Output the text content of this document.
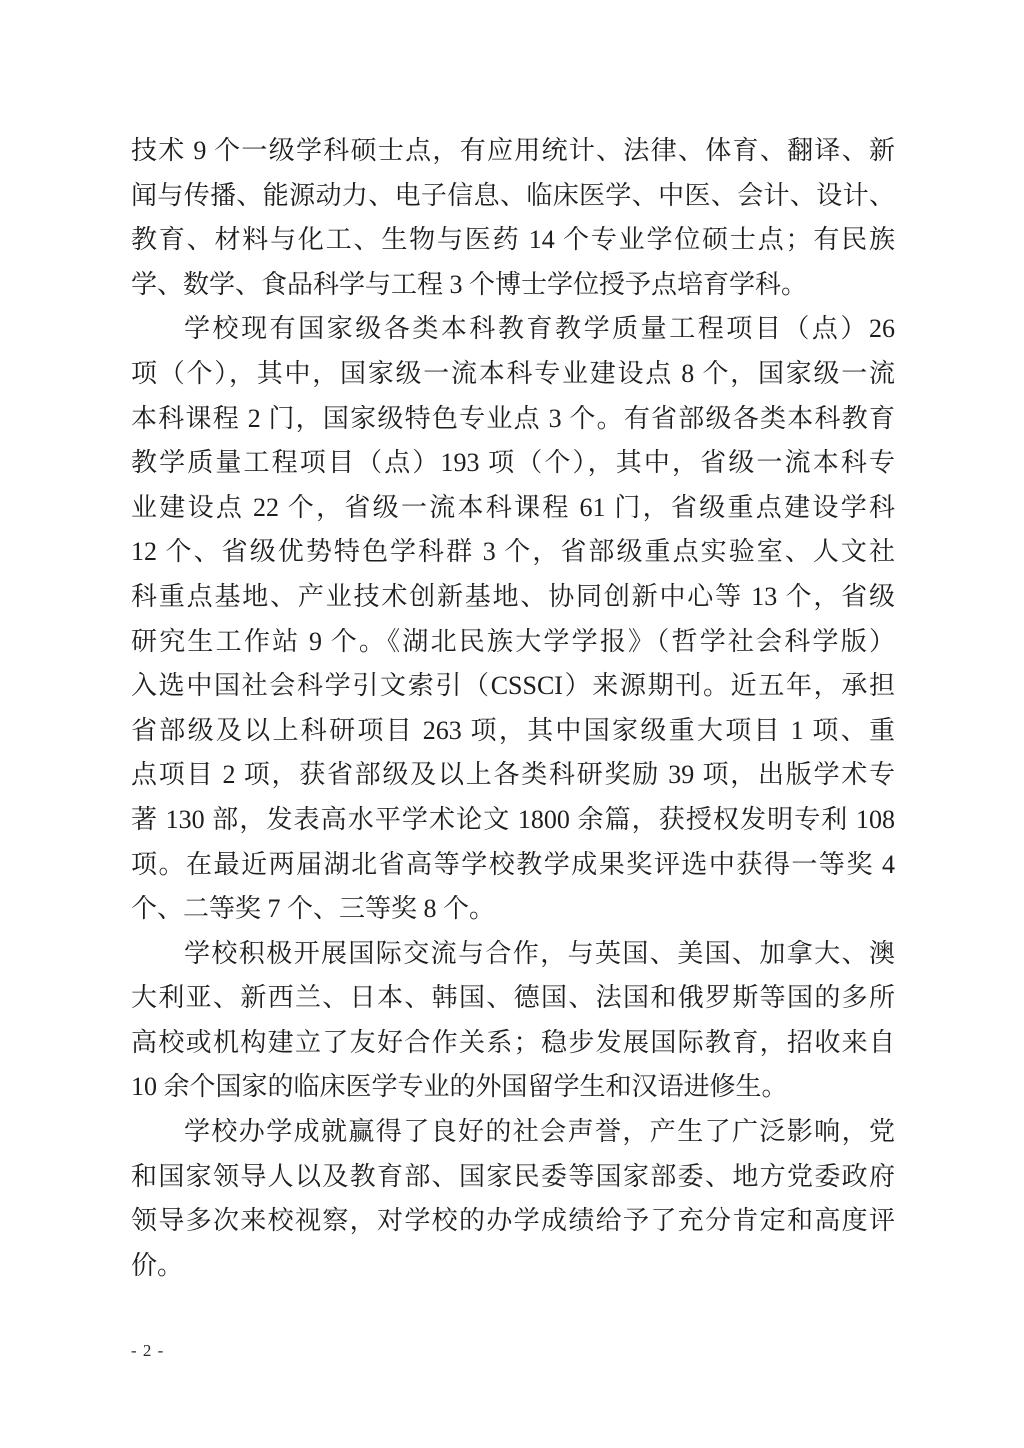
技术 9 个一级学科硕士点，有应用统计、法律、体育、翻译、新
闻与传播、能源动力、电子信息、临床医学、中医、会计、设计、
教育、材料与化工、生物与医药 14 个专业学位硕士点；有民族
学、数学、食品科学与工程 3 个博士学位授予点培育学科。
学校现有国家级各类本科教育教学质量工程项目（点）26
项（个），其中，国家级一流本科专业建设点 8 个，国家级一流
本科课程 2 门，国家级特色专业点 3 个。有省部级各类本科教育
教学质量工程项目（点）193 项（个），其中，省级一流本科专
业建设点 22 个，省级一流本科课程 61 门，省级重点建设学科
12 个、省级优势特色学科群 3 个，省部级重点实验室、人文社
科重点基地、产业技术创新基地、协同创新中心等 13 个，省级
研究生工作站 9 个。《湖北民族大学学报》（哲学社会科学版）
入选中国社会科学引文索引（CSSCI）来源期刊。近五年，承担
省部级及以上科研项目 263 项，其中国家级重大项目 1 项、重
点项目 2 项，获省部级及以上各类科研奖励 39 项，出版学术专
著 130 部，发表高水平学术论文 1800 余篇，获授权发明专利 108
项。在最近两届湖北省高等学校教学成果奖评选中获得一等奖 4
个、二等奖 7 个、三等奖 8 个。
学校积极开展国际交流与合作，与英国、美国、加拿大、澳
大利亚、新西兰、日本、韩国、德国、法国和俄罗斯等国的多所
高校或机构建立了友好合作关系；稳步发展国际教育，招收来自
10 余个国家的临床医学专业的外国留学生和汉语进修生。
学校办学成就赢得了良好的社会声誉，产生了广泛影响，党
和国家领导人以及教育部、国家民委等国家部委、地方党委政府
领导多次来校视察，对学校的办学成绩给予了充分肯定和高度评
价。
- 2 -
